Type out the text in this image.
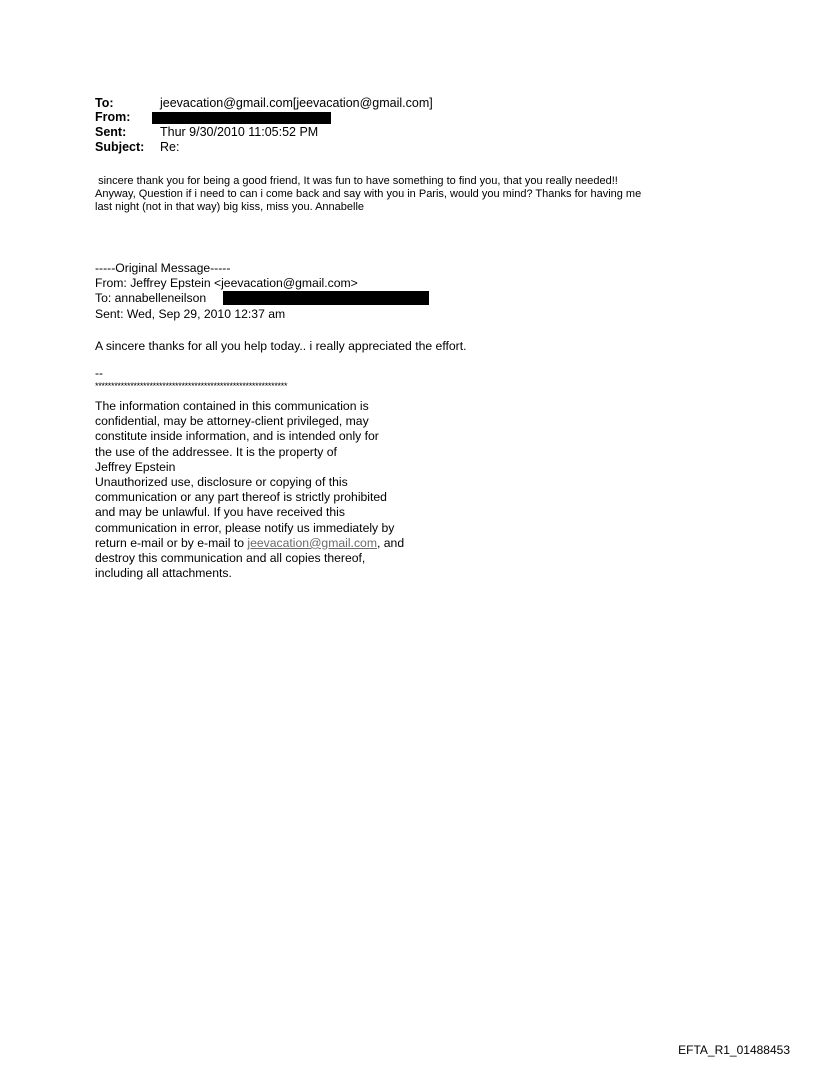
To:	jeevacation@gmail.com[jeevacation@gmail.com]
From:
Sent:	Thur 9/30/2010 11:05:52 PM
Subject: Re:
sincere thank you for being a good friend, It was fun to have something to find you, that you really needed!!
Anyway, Question if i need to can i come back and say with you in Paris, would you mind? Thanks for having me
last night (not in that way) big kiss, miss you. Annabelle
-----Original Message-----
From: Jeffrey Epstein <jeevacation@gmail.com>
To: annabelleneilson
Sent: Wed, Sep 29, 2010 12:37 am
A sincere thanks for all you help today.. i really appreciated the effort.
--
************************************************************
The information contained in this communication is
confidential, may be attorney-client privileged, may
constitute inside information, and is intended only for
the use of the addressee. It is the property of
Jeffrey Epstein
Unauthorized use, disclosure or copying of this
communication or any part thereof is strictly prohibited
and may be unlawful. If you have received this
communication in error, please notify us immediately by
return e-mail or by e-mail to jeevacation@gmail.com, and
destroy this communication and all copies thereof,
including all attachments.
EFTA_R1_01488453
